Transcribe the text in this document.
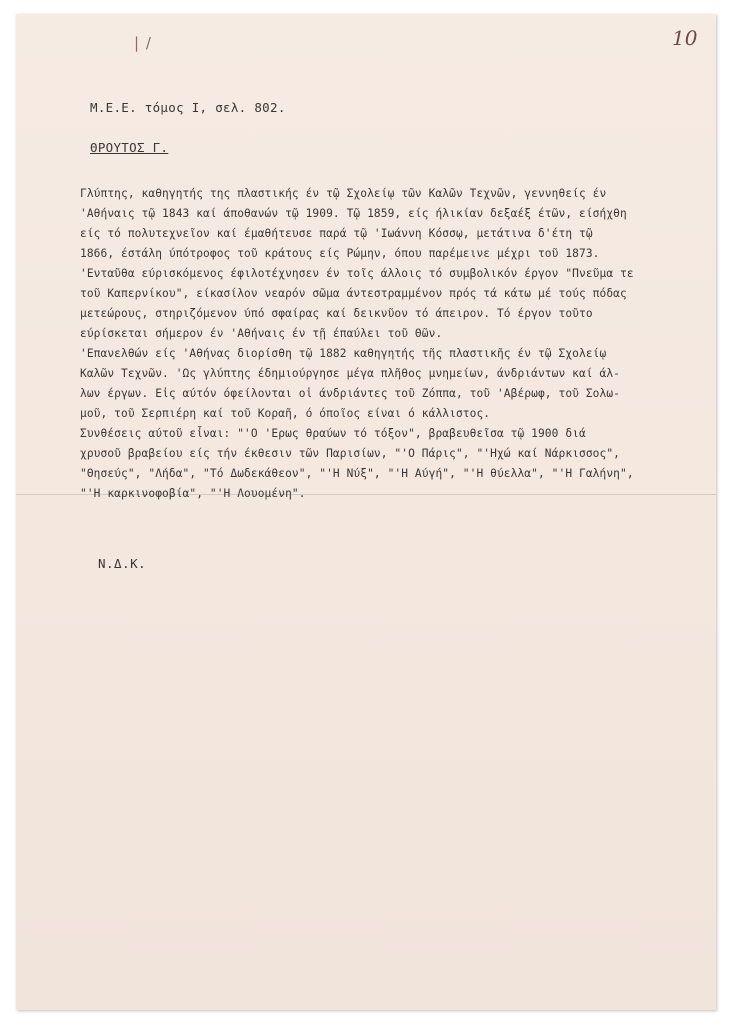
| /	10
M.E.E. τόμος I, σελ. 802.
ΘΡΟΥΤΟΣ Γ.
Γλύπτης, καθηγητής της πλαστικής έν τῷ Σχολείῳ τῶν Καλῶν Τεχνῶν, γεννηθείς έν
'Αθήναις τῷ 1843 καί άποθανών τῷ 1909. Τῷ 1859, είς ήλικίαν δεξαέξ έτῶν, είσήχθη
είς τό πολυτεχνεῖον καί έμαθήτευσε παρά τῷ 'Ιωάννη Κόσσῳ, μετάτινα δ'έτη τῷ
1866, έστάλη ύπότροφος τοῦ κράτους είς Ρώμην, όπου παρέμεινε μέχρι τοῦ 1873.
'Ενταῦθα εύρισκόμενος έφιλοτέχνησεν έν τοῖς άλλοις τό συμβολικόν έργον "Πνεῦμα τε
τοῦ Καπερνίκου", είκασίλον νεαρόν σῶμα άντεστραμμένον πρός τά κάτω μέ τούς πόδας
μετεώρους, στηριζόμενον ύπό σφαίρας καί δεικνῦον τό άπειρον. Τό έργον τοῦτο
εύρίσκεται σήμερον έν 'Αθήναις έν τῇ έπαύλει τοῦ Θῶν.
'Επανελθών είς 'Αθήνας διορίσθη τῷ 1882 καθηγητής τῆς πλαστικῆς έν τῷ Σχολείῳ
Καλῶν Τεχνῶν. 'Ως γλύπτης έδημιούργησε μέγα πλῆθος μνημείων, άνδριάντων καί άλ-
λων έργων. Εἰς αύτόν όφείλονται οἱ άνδριάντες τοῦ Ζόππα, τοῦ 'Αβέρωφ, τοῦ Σολω-
μοῦ, τοῦ Σερπιέρη καί τοῦ Κοραῆ, ό όποῖος είναι ό κάλλιστος.
Συνθέσεις αύτοῦ εἶναι: "'Ο 'Ερως θραύων τό τόξον", βραβευθεῖσα τῷ 1900 διά
χρυσοῦ βραβείου είς τήν έκθεσιν τῶν Παρισίων, "'Ο Πάρις", "'Ηχώ καί Νάρκισσος",
"Θησεύς", "Λήδα", "Τό Δωδεκάθεον", "'Η Νύξ", "'Η Αύγή", "'Η θύελλα", "'Η Γαλήνη",
"'Η καρκινοφοβία", "'Η Λουομένη".
Ν.Δ.Κ.
